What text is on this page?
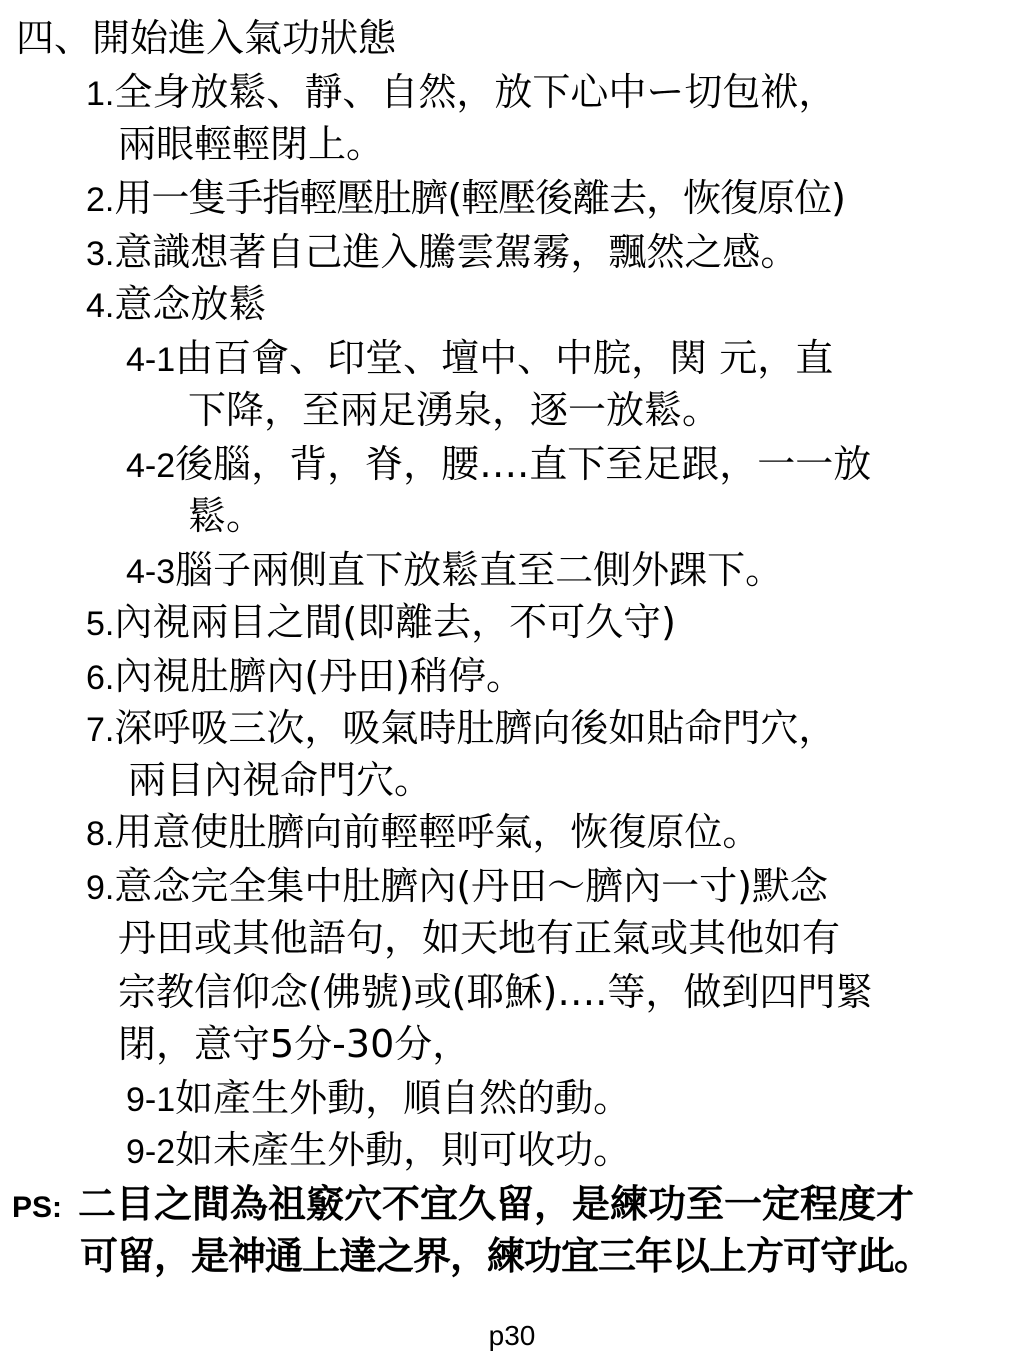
四、開始進入氣功狀態
1.全身放鬆、靜、自然，放下心中ー切包袱，
兩眼輕輕閉上。
2.用一隻手指輕壓肚臍(輕壓後離去，恢復原位)
3.意識想著自己進入騰雲駕霧，飄然之感。
4.意念放鬆
4-1由百會、印堂、壇中、中脘，関 元，直
下降，至兩足湧泉，逐一放鬆。
4-2後腦，背，脊，腰….直下至足跟，一一放
鬆。
4-3腦子兩側直下放鬆直至二側外踝下。
5.內視兩目之間(即離去，不可久守)
6.內視肚臍內(丹田)稍停。
7.深呼吸三次，吸氣時肚臍向後如貼命門穴，
兩目內視命門穴。
8.用意使肚臍向前輕輕呼氣，恢復原位。
9.意念完全集中肚臍內(丹田～臍內一寸)默念
丹田或其他語句，如天地有正氣或其他如有
宗教信仰念(佛號)或(耶穌)….等，做到四門緊
閉，意守5分-30分，
9-1如產生外動，順自然的動。
9-2如未產生外動，則可收功。
PS: 二目之間為祖竅穴不宜久留，是練功至一定程度才
可留，是神通上達之界，練功宜三年以上方可守此。
p30
